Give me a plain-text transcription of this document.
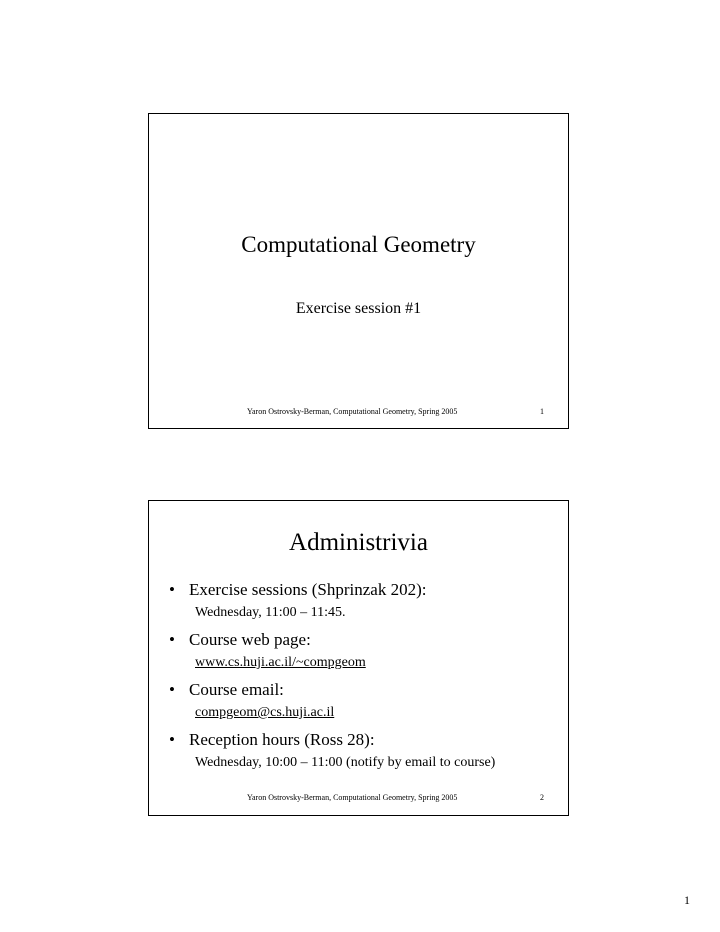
Computational Geometry
Exercise session #1
Yaron Ostrovsky-Berman, Computational Geometry, Spring 2005	1
Administrivia
• Exercise sessions (Shprinzak 202):
Wednesday, 11:00 – 11:45.
• Course web page:
www.cs.huji.ac.il/~compgeom
• Course email:
compgeom@cs.huji.ac.il
• Reception hours (Ross 28):
Wednesday, 10:00 – 11:00 (notify by email to course)
Yaron Ostrovsky-Berman, Computational Geometry, Spring 2005	2
1
